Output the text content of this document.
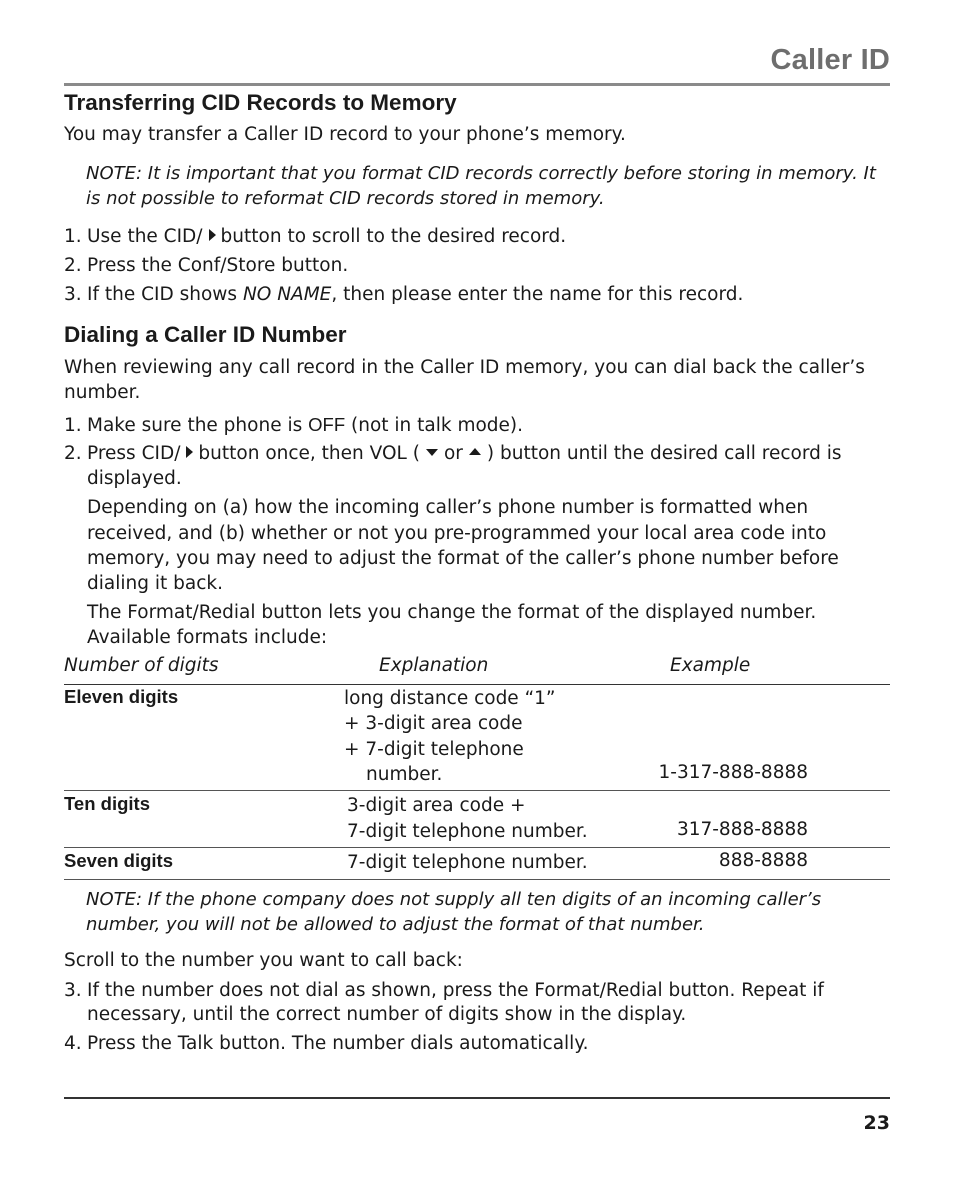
Caller ID
Transferring CID Records to Memory
You may transfer a Caller ID record to your phone’s memory.
NOTE: It is important that you format CID records correctly before storing in memory. It
is not possible to reformat CID records stored in memory.
1. Use the CID/ button to scroll to the desired record.
2. Press the Conf/Store button.
3. If the CID shows NO NAME, then please enter the name for this record.
Dialing a Caller ID Number
When reviewing any call record in the Caller ID memory, you can dial back the caller’s
number.
1. Make sure the phone is OFF (not in talk mode).
2. Press CID/ button once, then VOL ( or ) button until the desired call record is
displayed.
Depending on (a) how the incoming caller’s phone number is formatted when
received, and (b) whether or not you pre-programmed your local area code into
memory, you may need to adjust the format of the caller’s phone number before
dialing it back.
The Format/Redial button lets you change the format of the displayed number.
Available formats include:
Number of digits	Explanation	Example
Eleven digits	long distance code “1”
+ 3-digit area code
+ 7-digit telephone
number.	1-317-888-8888
Ten digits	3-digit area code +
7-digit telephone number.	317-888-8888
Seven digits	7-digit telephone number.	888-8888
NOTE: If the phone company does not supply all ten digits of an incoming caller’s
number, you will not be allowed to adjust the format of that number.
Scroll to the number you want to call back:
3. If the number does not dial as shown, press the Format/Redial button. Repeat if
necessary, until the correct number of digits show in the display.
4. Press the Talk button. The number dials automatically.
23
